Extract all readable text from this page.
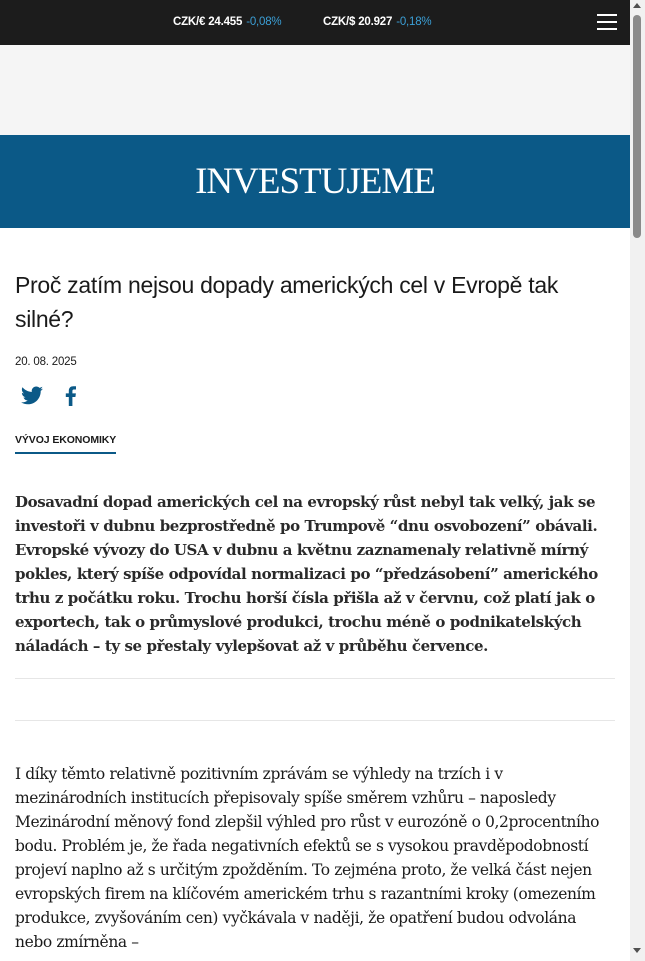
CZK/€ 24.455 -0,08%	CZK/$ 20.927 -0,18%
INVESTUJEME
Proč zatím nejsou dopady amerických cel v Evropě tak silné?
20. 08. 2025
VÝVOJ EKONOMIKY

Dosavadní dopad amerických cel na evropský růst nebyl tak velký, jak se investoři v dubnu bezprostředně po Trumpově “dnu osvobození” obávali. Evropské vývozy do USA v dubnu a květnu zaznamenaly relativně mírný pokles, který spíše odpovídal normalizaci po “předzásobení” amerického trhu z počátku roku. Trochu horší čísla přišla až v červnu, což platí jak o exportech, tak o průmyslové produkci, trochu méně o podnikatelských náladách – ty se přestaly vylepšovat až v průběhu července.

I díky těmto relativně pozitivním zprávám se výhledy na trzích i v mezinárodních institucích přepisovaly spíše směrem vzhůru – naposledy Mezinárodní měnový fond zlepšil výhled pro růst v eurozóně o 0,2procentního bodu. Problém je, že řada negativních efektů se s vysokou pravděpodobností projeví naplno až s určitým zpožděním. To zejména proto, že velká část nejen evropských firem na klíčovém americkém trhu s razantními kroky (omezením produkce, zvyšováním cen) vyčkávala v naději, že opatření budou odvolána nebo zmírněna –
